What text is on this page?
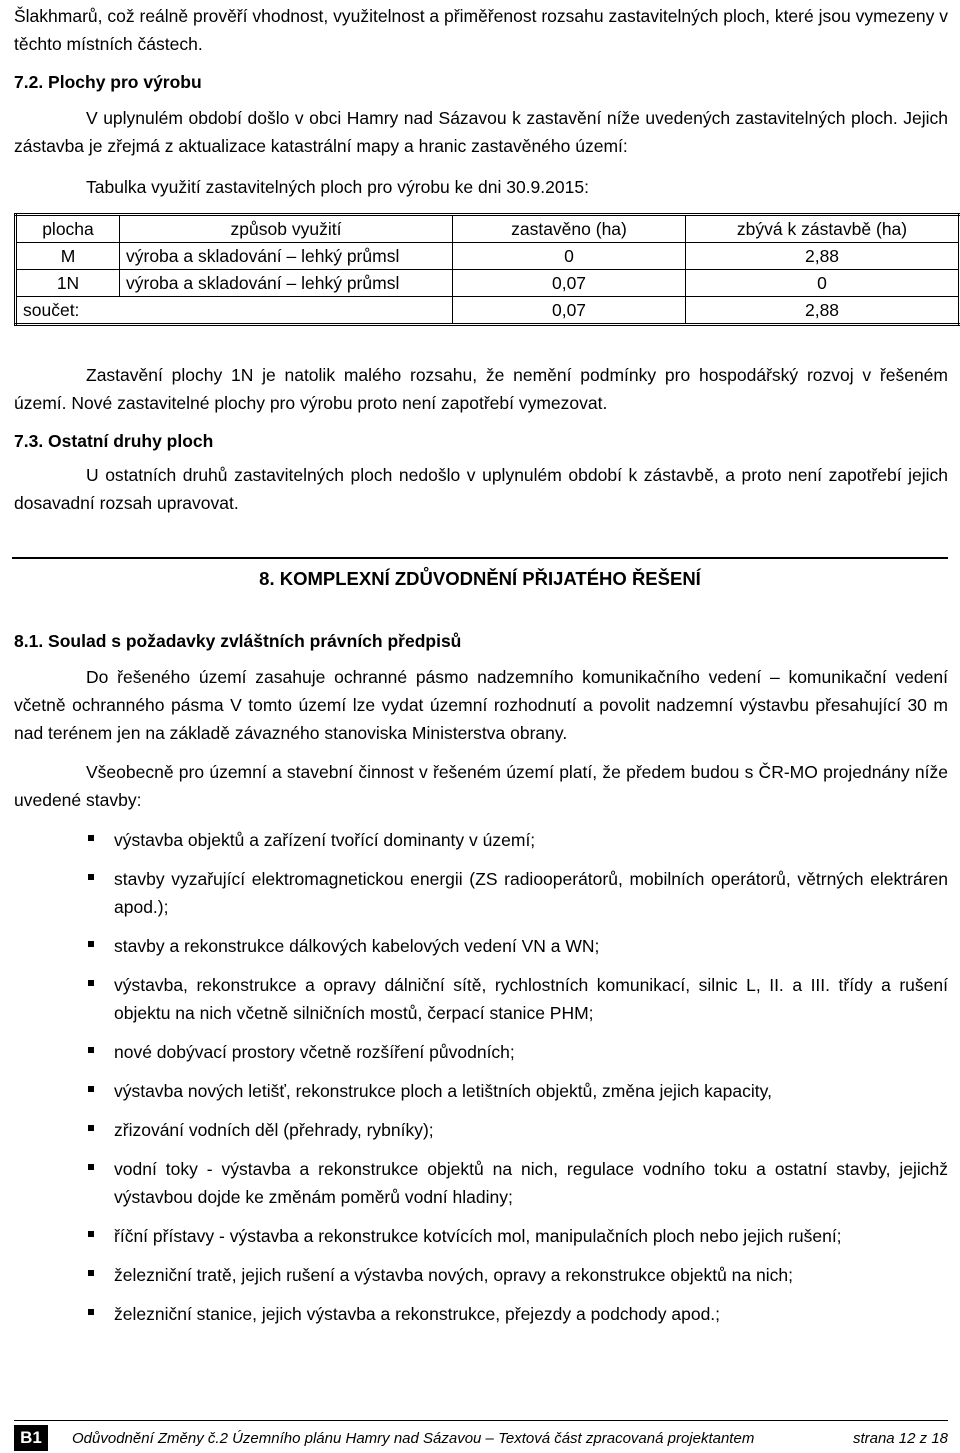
Šlakhmarů, což reálně prověří vhodnost, využitelnost a přiměřenost rozsahu zastavitelných ploch, které jsou vymezeny v těchto místních částech.

7.2. Plochy pro výrobu

V uplynulém období došlo v obci Hamry nad Sázavou k zastavění níže uvedených zastavitelných ploch. Jejich zástavba je zřejmá z aktualizace katastrální mapy a hranic zastavěného území:

Tabulka využití zastavitelných ploch pro výrobu ke dni 30.9.2015:

plocha	způsob využití	zastavěno (ha)	zbývá k zástavbě (ha)
M	výroba a skladování – lehký průmsl	0	2,88
1N	výroba a skladování – lehký průmsl	0,07	0
součet:		0,07	2,88

Zastavění plochy 1N je natolik malého rozsahu, že nemění podmínky pro hospodářský rozvoj v řešeném území. Nové zastavitelné plochy pro výrobu proto není zapotřebí vymezovat.

7.3. Ostatní druhy ploch

U ostatních druhů zastavitelných ploch nedošlo v uplynulém období k zástavbě, a proto není zapotřebí jejich dosavadní rozsah upravovat.

8. KOMPLEXNÍ ZDŮVODNĚNÍ PŘIJATÉHO ŘEŠENÍ

8.1. Soulad s požadavky zvláštních právních předpisů

Do řešeného území zasahuje ochranné pásmo nadzemního komunikačního vedení – komunikační vedení včetně ochranného pásma V tomto území lze vydat územní rozhodnutí a povolit nadzemní výstavbu přesahující 30 m nad terénem jen na základě závazného stanoviska Ministerstva obrany.

Všeobecně pro územní a stavební činnost v řešeném území platí, že předem budou s ČR-MO projednány níže uvedené stavby:

výstavba objektů a zařízení tvořící dominanty v území;
stavby vyzařující elektromagnetickou energii (ZS radiooperátorů, mobilních operátorů, větrných elektráren apod.);
stavby a rekonstrukce dálkových kabelových vedení VN a WN;
výstavba, rekonstrukce a opravy dálniční sítě, rychlostních komunikací, silnic L, II. a III. třídy a rušení objektu na nich včetně silničních mostů, čerpací stanice PHM;
nové dobývací prostory včetně rozšíření původních;
výstavba nových letišť, rekonstrukce ploch a letištních objektů, změna jejich kapacity,
zřizování vodních děl (přehrady, rybníky);
vodní toky - výstavba a rekonstrukce objektů na nich, regulace vodního toku a ostatní stavby, jejichž výstavbou dojde ke změnám poměrů vodní hladiny;
říční přístavy - výstavba a rekonstrukce kotvících mol, manipulačních ploch nebo jejich rušení;
železniční tratě, jejich rušení a výstavba nových, opravy a rekonstrukce objektů na nich;
železniční stanice, jejich výstavba a rekonstrukce, přejezdy a podchody apod.;
B1	Odůvodnění Změny č.2 Územního plánu Hamry nad Sázavou – Textová část zpracovaná projektantem	strana 12 z 18
